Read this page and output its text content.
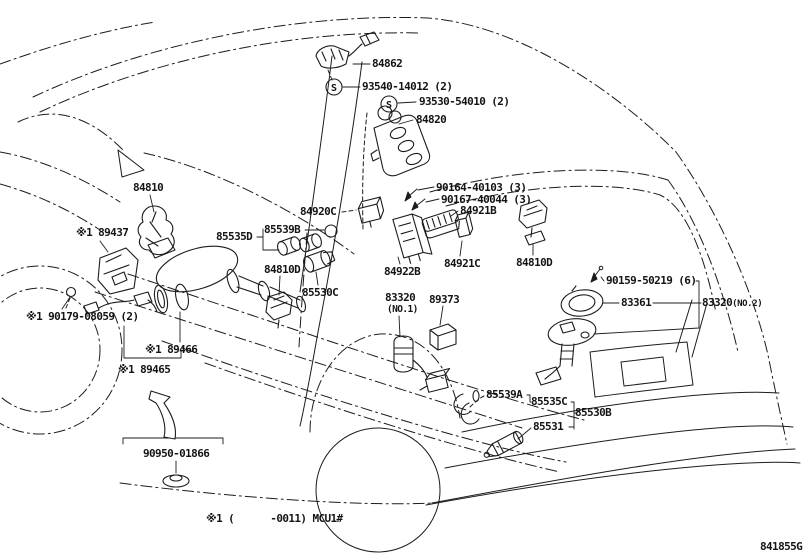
S
S
84862
93540-14012 (2)
93530-54010 (2)
84820
84810	90164-40103 (3)
90167-40044 (3)
84920C	84921B
85539B
85535D
※1 89437
84810D	84922B
84921C	84810D
85530C
90159-50219 (6)
83320
(NO.1)
89373	83361	83320(NO.2)
※1 90179-08059 (2)
※1 89466
※1 89465
85539A
85535C
85530B
85531
90950-01866
※1 (      -0011) MCU1#
841855G
